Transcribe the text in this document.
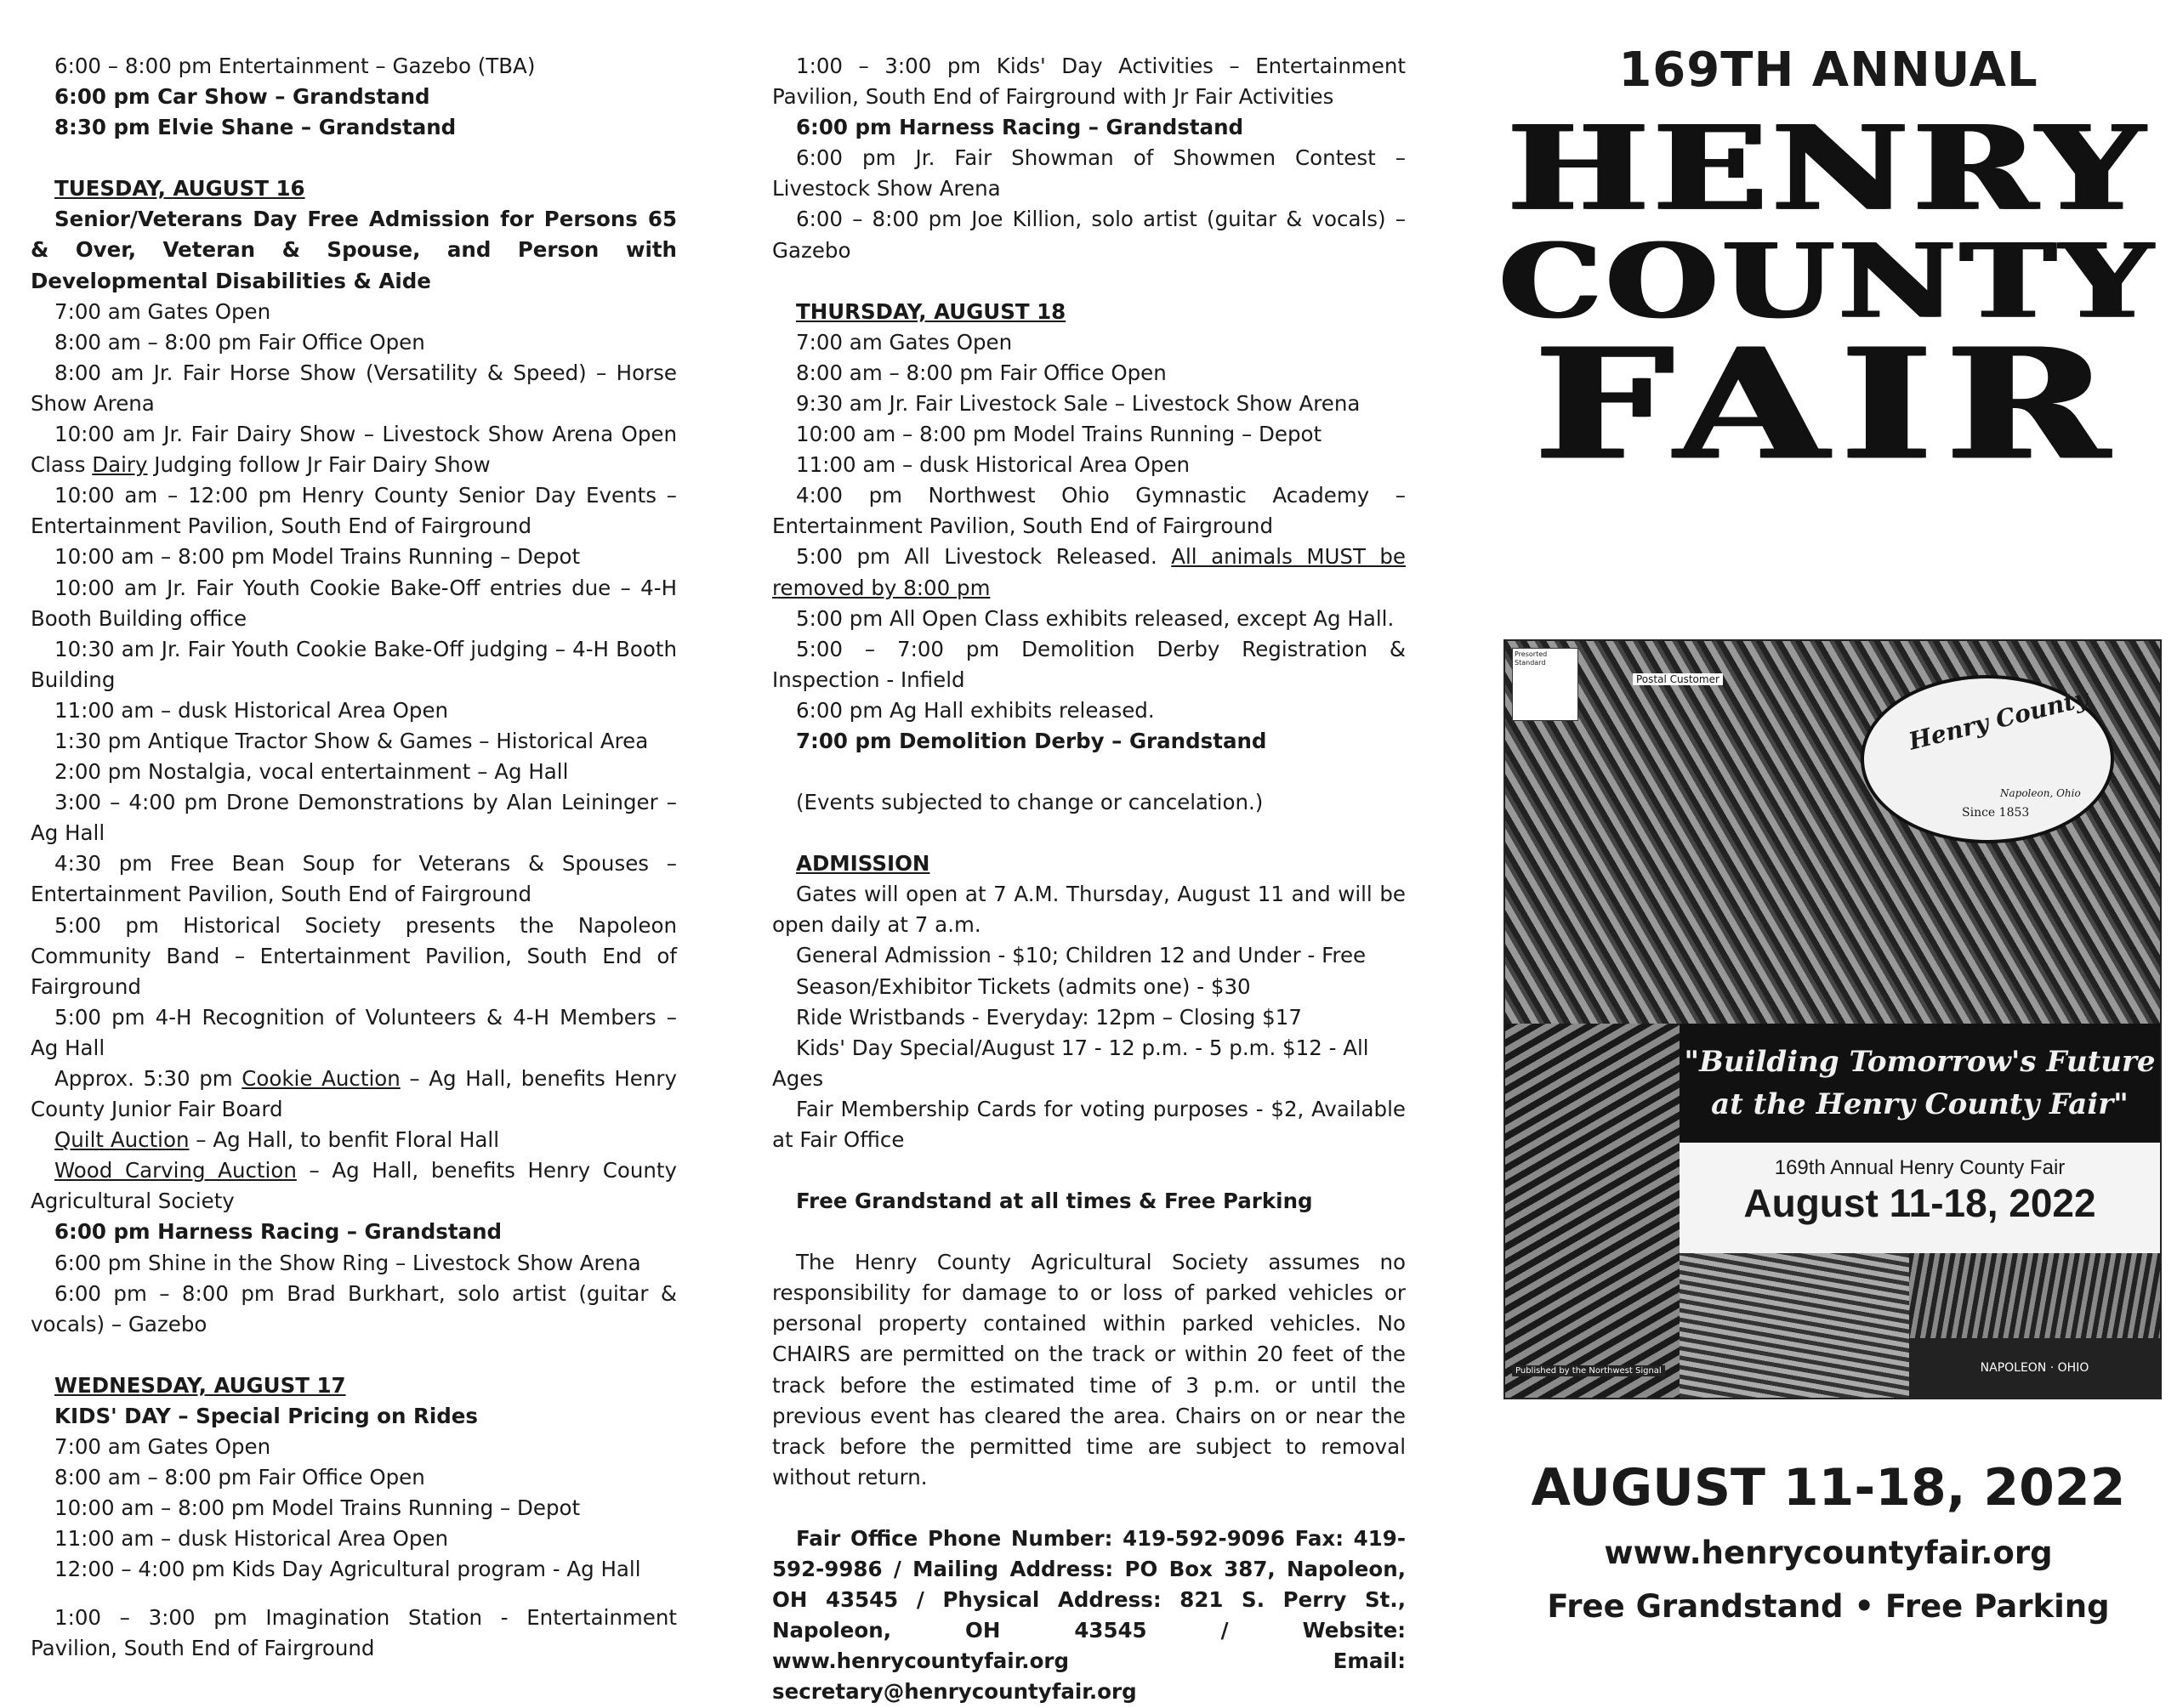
6:00 – 8:00 pm Entertainment – Gazebo (TBA)

6:00 pm Car Show – Grandstand

8:30 pm Elvie Shane – Grandstand

TUESDAY, AUGUST 16

Senior/Veterans Day Free Admission for Persons 65 & Over, Veteran & Spouse, and Person with Developmental Disabilities & Aide

7:00 am Gates Open

8:00 am – 8:00 pm Fair Office Open

8:00 am Jr. Fair Horse Show (Versatility & Speed) – Horse Show Arena

10:00 am Jr. Fair Dairy Show – Livestock Show Arena Open Class Dairy Judging follow Jr Fair Dairy Show

10:00 am – 12:00 pm Henry County Senior Day Events – Entertainment Pavilion, South End of Fairground

10:00 am – 8:00 pm Model Trains Running – Depot

10:00 am Jr. Fair Youth Cookie Bake-Off entries due – 4-H Booth Building office

10:30 am Jr. Fair Youth Cookie Bake-Off judging – 4-H Booth Building

11:00 am – dusk Historical Area Open

1:30 pm Antique Tractor Show & Games – Historical Area

2:00 pm Nostalgia, vocal entertainment – Ag Hall

3:00 – 4:00 pm Drone Demonstrations by Alan Leininger – Ag Hall

4:30 pm Free Bean Soup for Veterans & Spouses – Entertainment Pavilion, South End of Fairground

5:00 pm Historical Society presents the Napoleon Community Band – Entertainment Pavilion, South End of Fairground

5:00 pm 4-H Recognition of Volunteers & 4-H Members – Ag Hall

Approx. 5:30 pm Cookie Auction – Ag Hall, benefits Henry County Junior Fair Board

Quilt Auction – Ag Hall, to benfit Floral Hall

Wood Carving Auction – Ag Hall, benefits Henry County Agricultural Society

6:00 pm Harness Racing – Grandstand

6:00 pm Shine in the Show Ring – Livestock Show Arena

6:00 pm – 8:00 pm Brad Burkhart, solo artist (guitar & vocals) – Gazebo

WEDNESDAY, AUGUST 17

KIDS' DAY – Special Pricing on Rides

7:00 am Gates Open

8:00 am – 8:00 pm Fair Office Open

10:00 am – 8:00 pm Model Trains Running – Depot

11:00 am – dusk Historical Area Open

12:00 – 4:00 pm Kids Day Agricultural program - Ag Hall

1:00 – 3:00 pm Imagination Station - Entertainment Pavilion, South End of Fairground

1:00 – 3:00 pm Kids' Day Activities – Entertainment Pavilion, South End of Fairground with Jr Fair Activities

6:00 pm Harness Racing – Grandstand

6:00 pm Jr. Fair Showman of Showmen Contest – Livestock Show Arena

6:00 – 8:00 pm Joe Killion, solo artist (guitar & vocals) – Gazebo

THURSDAY, AUGUST 18

7:00 am Gates Open

8:00 am – 8:00 pm Fair Office Open

9:30 am Jr. Fair Livestock Sale – Livestock Show Arena

10:00 am – 8:00 pm Model Trains Running – Depot

11:00 am – dusk Historical Area Open

4:00 pm Northwest Ohio Gymnastic Academy – Entertainment Pavilion, South End of Fairground

5:00 pm All Livestock Released. All animals MUST be removed by 8:00 pm

5:00 pm All Open Class exhibits released, except Ag Hall.

5:00 – 7:00 pm Demolition Derby Registration & Inspection - Infield

6:00 pm Ag Hall exhibits released.

7:00 pm Demolition Derby – Grandstand

(Events subjected to change or cancelation.)

ADMISSION

Gates will open at 7 A.M. Thursday, August 11 and will be open daily at 7 a.m.

General Admission - $10; Children 12 and Under - Free

Season/Exhibitor Tickets (admits one) - $30

Ride Wristbands - Everyday: 12pm – Closing $17

Kids' Day Special/August 17 - 12 p.m. - 5 p.m. $12 - All Ages

Fair Membership Cards for voting purposes - $2, Available at Fair Office

Free Grandstand at all times & Free Parking

The Henry County Agricultural Society assumes no responsibility for damage to or loss of parked vehicles or personal property contained within parked vehicles. No CHAIRS are permitted on the track or within 20 feet of the track before the estimated time of 3 p.m. or until the previous event has cleared the area. Chairs on or near the track before the permitted time are subject to removal without return.

Fair Office Phone Number: 419-592-9096 Fax: 419-592-9986 / Mailing Address: PO Box 387, Napoleon, OH 43545 / Physical Address: 821 S. Perry St., Napoleon, OH 43545 / Website: www.henrycountyfair.org Email: secretary@henrycountyfair.org

169TH ANNUAL
HENRY
COUNTY
FAIR
Presorted Standard
Postal Customer
Henry County
Napoleon, Ohio
Since 1853
"Building Tomorrow's Future
at the Henry County Fair"
169th Annual Henry County Fair
August 11-18, 2022
Published by the Northwest Signal	NAPOLEON · OHIO
AUGUST 11-18, 2022
www.henrycountyfair.org
Free Grandstand • Free Parking
